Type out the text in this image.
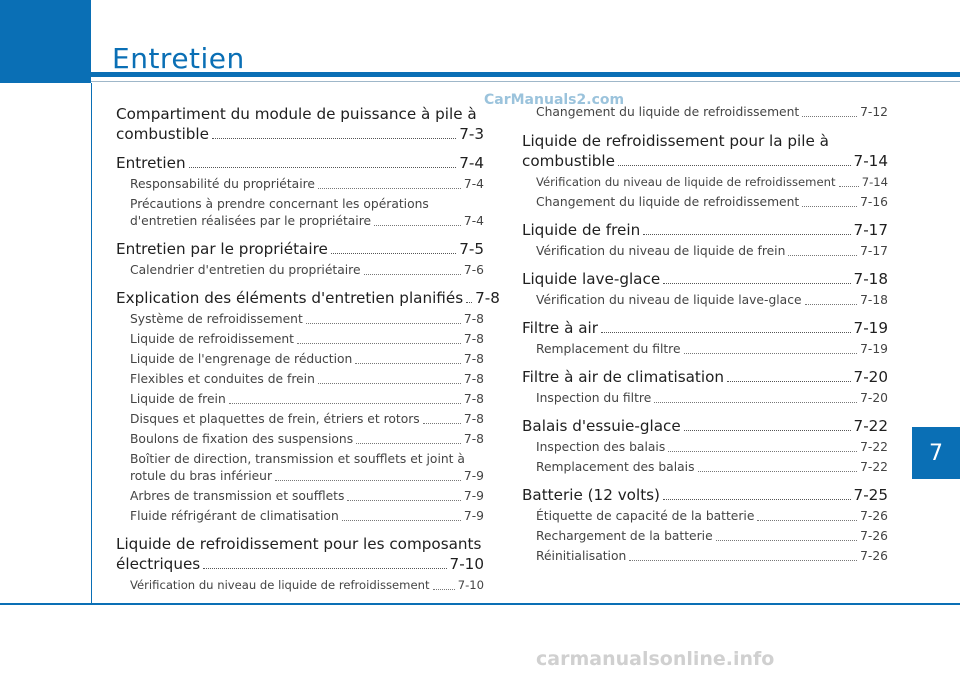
Entretien
7
CarManuals2.com
carmanualsonline.info
Compartiment du module de puissance à pile à
combustible	7-3
Entretien	7-4
Responsabilité du propriétaire	7-4
Précautions à prendre concernant les opérations
d'entretien réalisées par le propriétaire	7-4
Entretien par le propriétaire	7-5
Calendrier d'entretien du propriétaire	7-6
Explication des éléments d'entretien planifiés 7-8
Système de refroidissement	7-8
Liquide de refroidissement	7-8
Liquide de l'engrenage de réduction	7-8
Flexibles et conduites de frein	7-8
Liquide de frein	7-8
Disques et plaquettes de frein, étriers et rotors	7-8
Boulons de fixation des suspensions	7-8
Boîtier de direction, transmission et soufflets et joint à
rotule du bras inférieur	7-9
Arbres de transmission et soufflets	7-9
Fluide réfrigérant de climatisation	7-9
Liquide de refroidissement pour les composants
électriques	7-10
Vérification du niveau de liquide de refroidissement 7-10
Changement du liquide de refroidissement	7-12
Liquide de refroidissement pour la pile à
combustible	7-14
Vérification du niveau de liquide de refroidissement 7-14
Changement du liquide de refroidissement	7-16
Liquide de frein	7-17
Vérification du niveau de liquide de frein	7-17
Liquide lave-glace	7-18
Vérification du niveau de liquide lave-glace	7-18
Filtre à air	7-19
Remplacement du filtre	7-19
Filtre à air de climatisation	7-20
Inspection du filtre	7-20
Balais d'essuie-glace	7-22
Inspection des balais	7-22
Remplacement des balais	7-22
Batterie (12 volts)	7-25
Étiquette de capacité de la batterie	7-26
Rechargement de la batterie	7-26
Réinitialisation	7-26
